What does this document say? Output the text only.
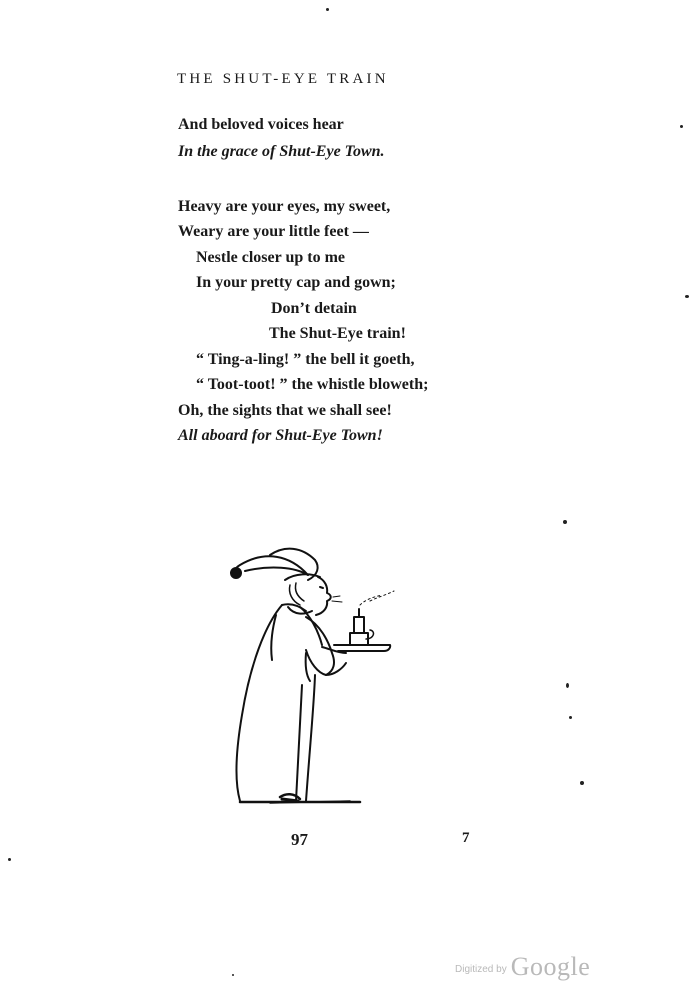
THE SHUT-EYE TRAIN
And beloved voices hear
In the grace of Shut-Eye Town.
Heavy are your eyes, my sweet,
Weary are your little feet —
Nestle closer up to me
In your pretty cap and gown;
Don’t detain
The Shut-Eye train!
“ Ting-a-ling! ” the bell it goeth,
“ Toot-toot! ” the whistle bloweth;
Oh, the sights that we shall see!
All aboard for Shut-Eye Town!
97	7
Digitized by Google
